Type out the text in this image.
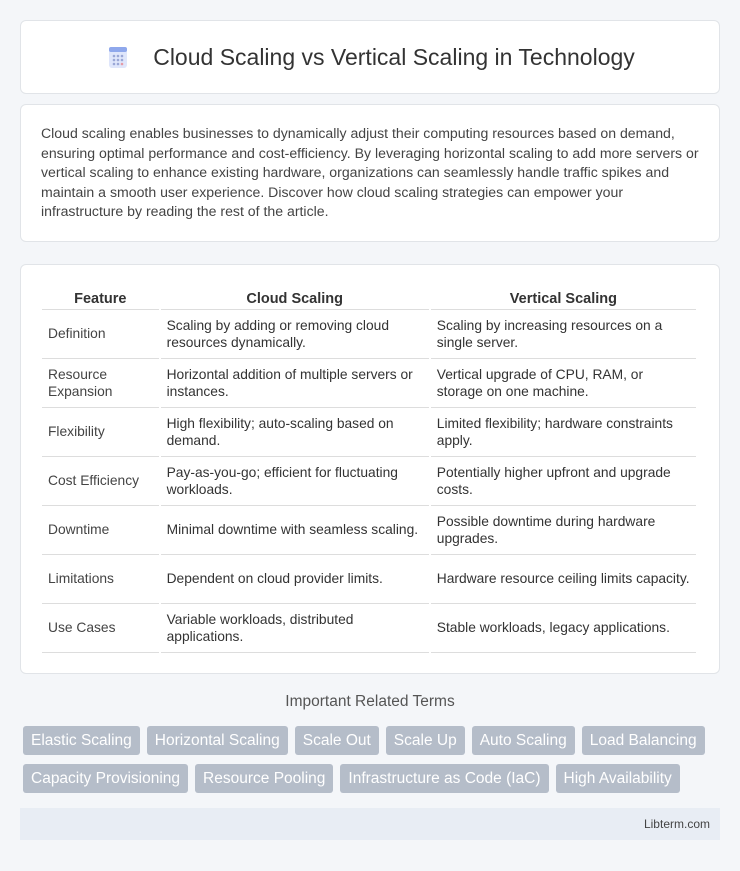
Cloud Scaling vs Vertical Scaling in Technology

Cloud scaling enables businesses to dynamically adjust their computing resources based on demand, ensuring optimal performance and cost-efficiency. By leveraging horizontal scaling to add more servers or vertical scaling to enhance existing hardware, organizations can seamlessly handle traffic spikes and maintain a smooth user experience. Discover how cloud scaling strategies can empower your infrastructure by reading the rest of the article.

Feature	Cloud Scaling	Vertical Scaling
Definition	Scaling by adding or removing cloud resources dynamically.	Scaling by increasing resources on a single server.
Resource Expansion	Horizontal addition of multiple servers or instances.	Vertical upgrade of CPU, RAM, or storage on one machine.
Flexibility	High flexibility; auto-scaling based on demand.	Limited flexibility; hardware constraints apply.
Cost Efficiency	Pay-as-you-go; efficient for fluctuating workloads.	Potentially higher upfront and upgrade costs.
Downtime	Minimal downtime with seamless scaling.	Possible downtime during hardware upgrades.
Limitations	Dependent on cloud provider limits.	Hardware resource ceiling limits capacity.
Use Cases	Variable workloads, distributed applications.	Stable workloads, legacy applications.
Important Related Terms
Elastic Scaling	Horizontal Scaling	Scale Out	Scale Up	Auto Scaling	Load Balancing
Capacity Provisioning	Resource Pooling	Infrastructure as Code (IaC)	High Availability
Libterm.com
